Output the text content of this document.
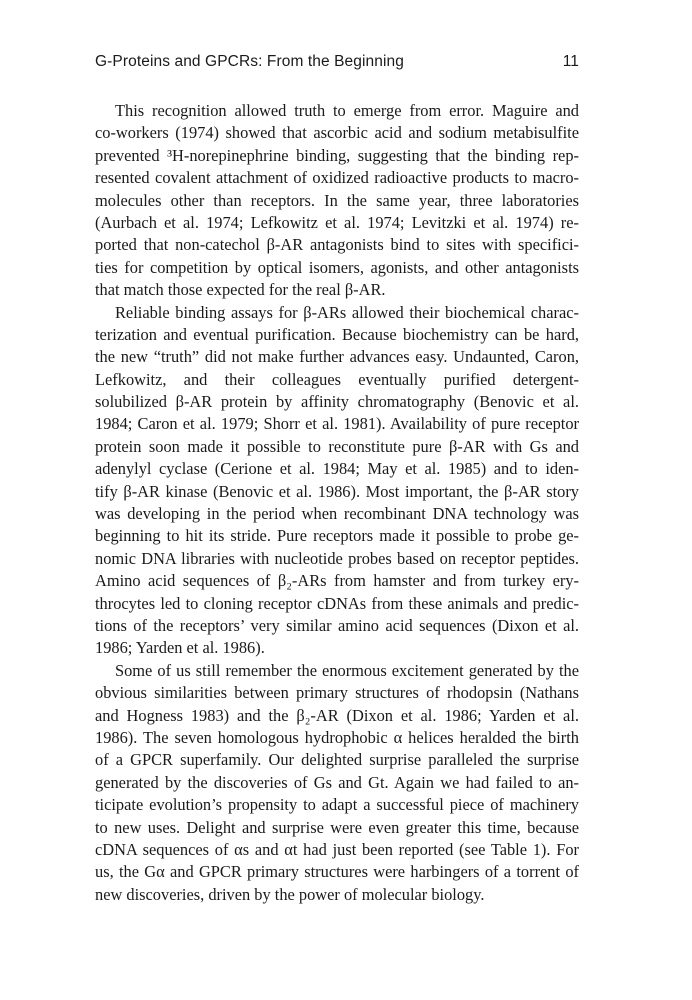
G-Proteins and GPCRs: From the Beginning	11
This recognition allowed truth to emerge from error. Maguire and
co-workers (1974) showed that ascorbic acid and sodium metabisulfite
prevented ³H-norepinephrine binding, suggesting that the binding rep-
resented covalent attachment of oxidized radioactive products to macro-
molecules other than receptors. In the same year, three laboratories
(Aurbach et al. 1974; Lefkowitz et al. 1974; Levitzki et al. 1974) re-
ported that non-catechol β-AR antagonists bind to sites with specifici-
ties for competition by optical isomers, agonists, and other antagonists
that match those expected for the real β-AR.
Reliable binding assays for β-ARs allowed their biochemical charac-
terization and eventual purification. Because biochemistry can be hard,
the new “truth” did not make further advances easy. Undaunted, Caron,
Lefkowitz, and their colleagues eventually purified detergent-
solubilized β-AR protein by affinity chromatography (Benovic et al.
1984; Caron et al. 1979; Shorr et al. 1981). Availability of pure receptor
protein soon made it possible to reconstitute pure β-AR with Gs and
adenylyl cyclase (Cerione et al. 1984; May et al. 1985) and to iden-
tify β-AR kinase (Benovic et al. 1986). Most important, the β-AR story
was developing in the period when recombinant DNA technology was
beginning to hit its stride. Pure receptors made it possible to probe ge-
nomic DNA libraries with nucleotide probes based on receptor peptides.
Amino acid sequences of β₂-ARs from hamster and from turkey ery-
throcytes led to cloning receptor cDNAs from these animals and predic-
tions of the receptors’ very similar amino acid sequences (Dixon et al.
1986; Yarden et al. 1986).
Some of us still remember the enormous excitement generated by the
obvious similarities between primary structures of rhodopsin (Nathans
and Hogness 1983) and the β₂-AR (Dixon et al. 1986; Yarden et al.
1986). The seven homologous hydrophobic α helices heralded the birth
of a GPCR superfamily. Our delighted surprise paralleled the surprise
generated by the discoveries of Gs and Gt. Again we had failed to an-
ticipate evolution’s propensity to adapt a successful piece of machinery
to new uses. Delight and surprise were even greater this time, because
cDNA sequences of αs and αt had just been reported (see Table 1). For
us, the Gα and GPCR primary structures were harbingers of a torrent of
new discoveries, driven by the power of molecular biology.
